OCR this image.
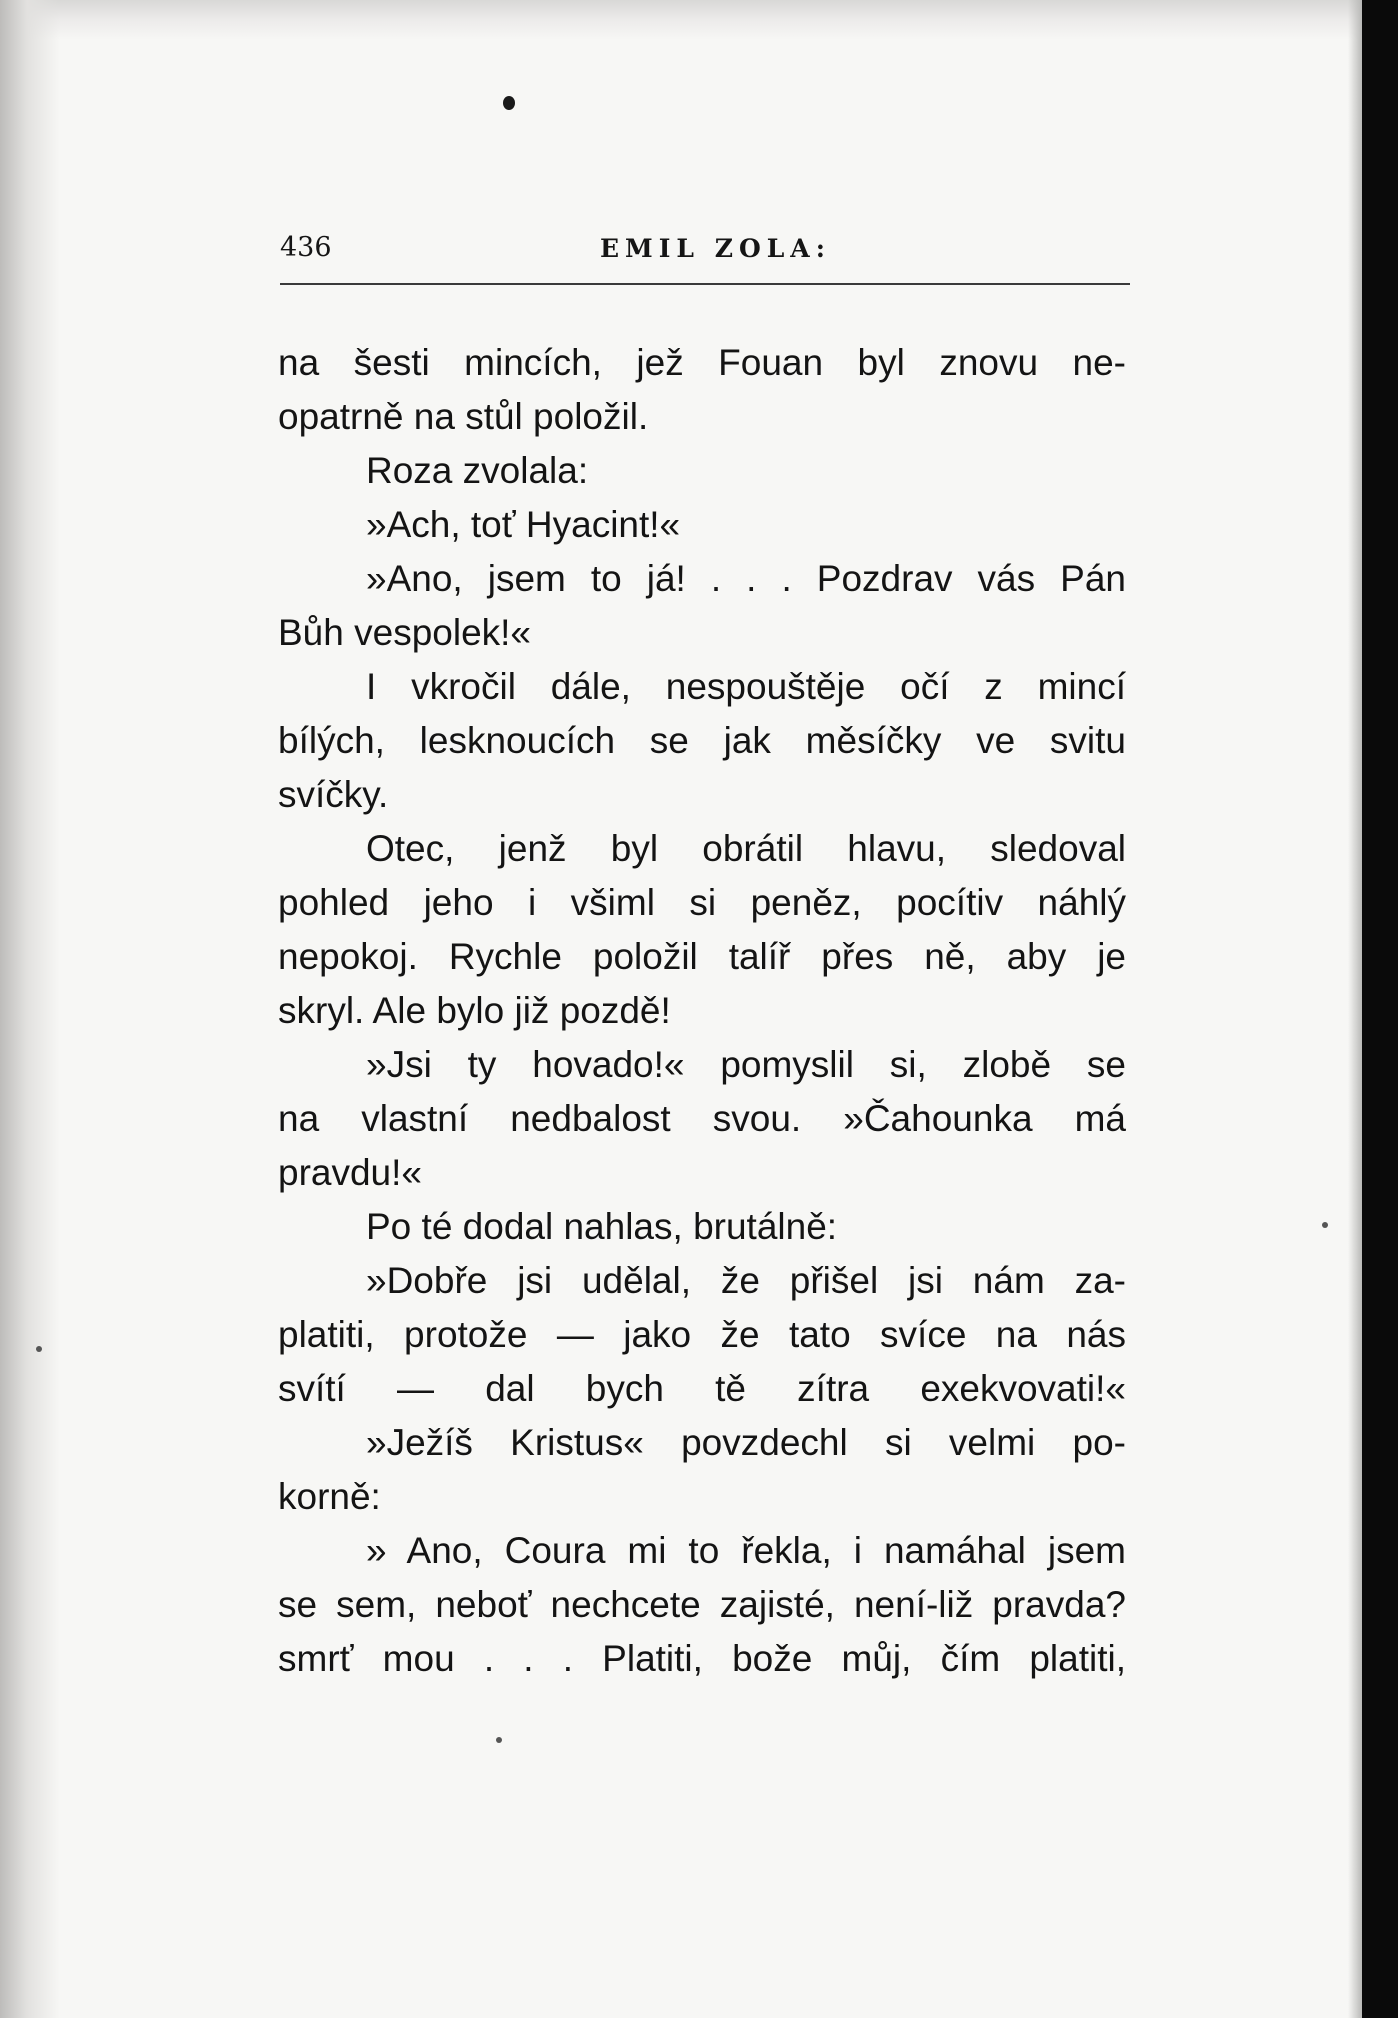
436	EMIL ZOLA:
na šesti mincích, jež Fouan byl znovu ne-
opatrně na stůl položil.
Roza zvolala:
»Ach, toť Hyacint!«
»Ano, jsem to já! . . . Pozdrav vás Pán
Bůh vespolek!«
I vkročil dále, nespouštěje očí z mincí
bílých, lesknoucích se jak měsíčky ve svitu
svíčky.
Otec, jenž byl obrátil hlavu, sledoval
pohled jeho i všiml si peněz, pocítiv náhlý
nepokoj. Rychle položil talíř přes ně, aby je
skryl. Ale bylo již pozdě!
»Jsi ty hovado!« pomyslil si, zlobě se
na vlastní nedbalost svou. »Čahounka má
pravdu!«
Po té dodal nahlas, brutálně:
»Dobře jsi udělal, že přišel jsi nám za-
platiti, protože — jako že tato svíce na nás
svítí — dal bych tě zítra exekvovati!«
»Ježíš Kristus« povzdechl si velmi po-
korně:
» Ano, Coura mi to řekla, i namáhal jsem
se sem, neboť nechcete zajisté, není-liž pravda?
smrť mou . . . Platiti, bože můj, čím platiti,
